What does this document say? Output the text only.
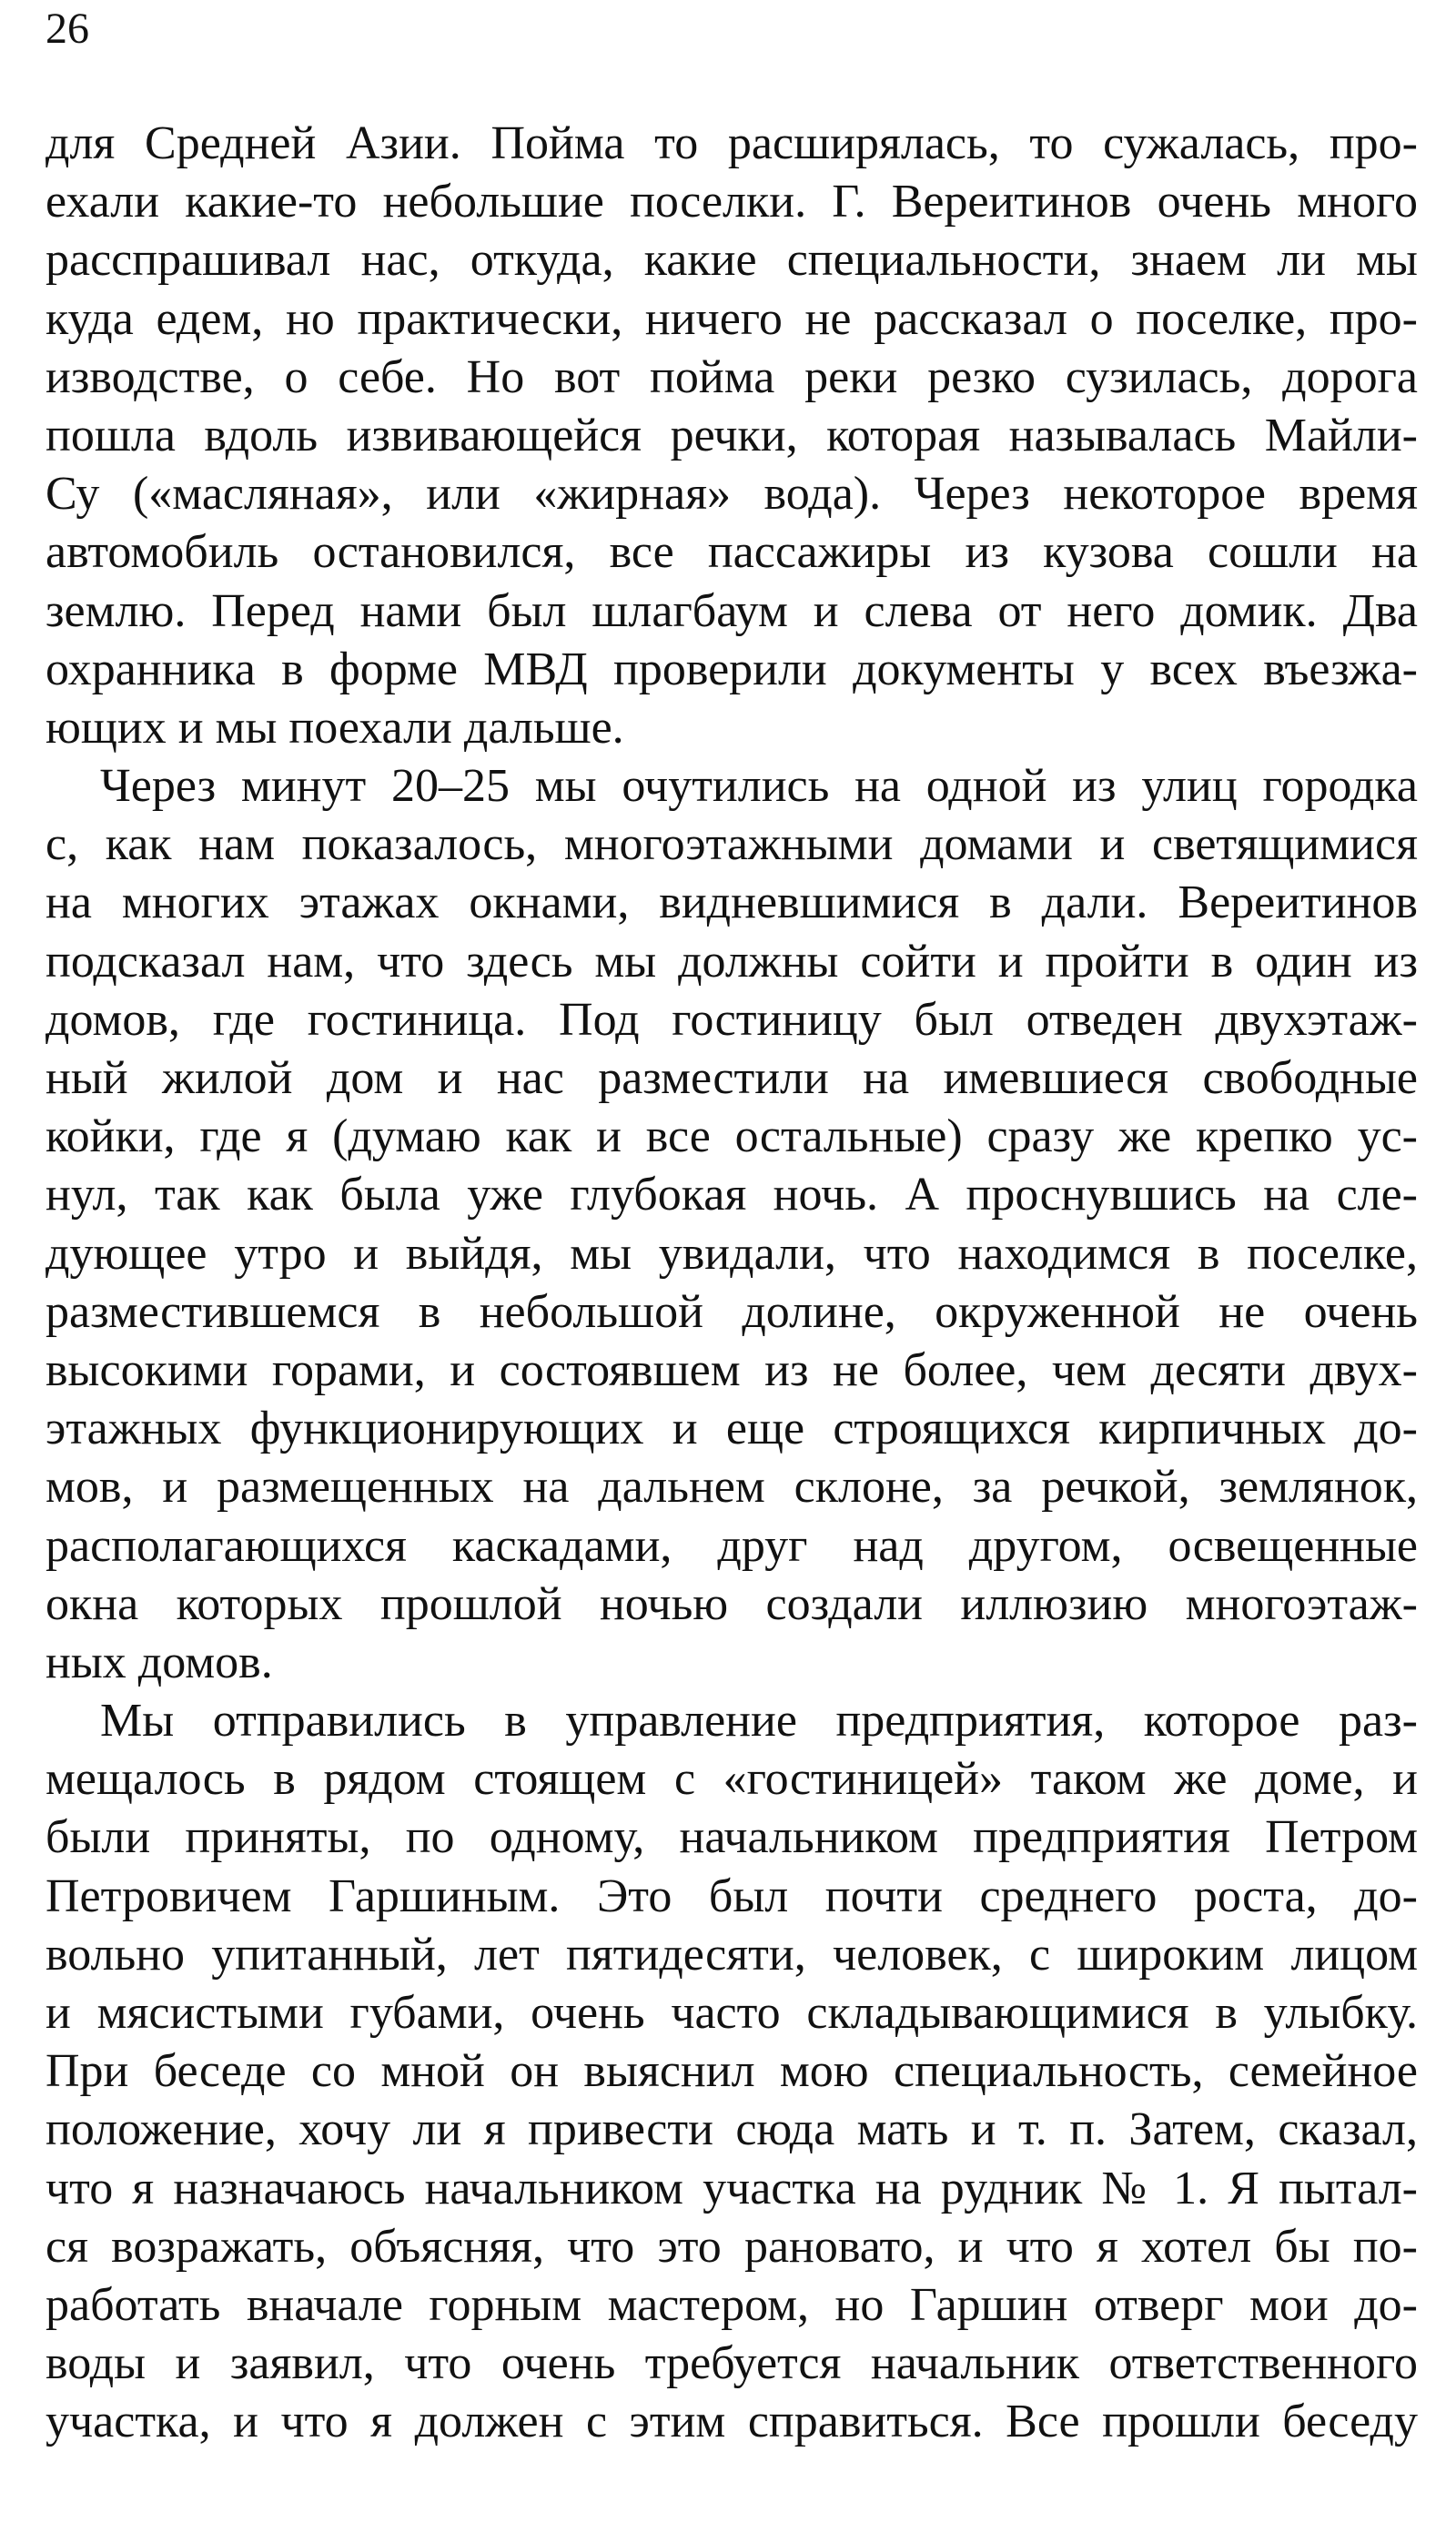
26
для Средней Азии. Пойма то расширялась, то сужалась, про-
ехали какие-то небольшие поселки. Г. Вереитинов очень много
расспрашивал нас, откуда, какие специальности, знаем ли мы
куда едем, но практически, ничего не рассказал о поселке, про-
изводстве, о себе. Но вот пойма реки резко сузилась, дорога
пошла вдоль извивающейся речки, которая называлась Майли-
Су («масляная», или «жирная» вода). Через некоторое время
автомобиль остановился, все пассажиры из кузова сошли на
землю. Перед нами был шлагбаум и слева от него домик. Два
охранника в форме МВД проверили документы у всех въезжа-
ющих и мы поехали дальше.
Через минут 20–25 мы очутились на одной из улиц городка
с, как нам показалось, многоэтажными домами и светящимися
на многих этажах окнами, видневшимися в дали. Вереитинов
подсказал нам, что здесь мы должны сойти и пройти в один из
домов, где гостиница. Под гостиницу был отведен двухэтаж-
ный жилой дом и нас разместили на имевшиеся свободные
койки, где я (думаю как и все остальные) сразу же крепко ус-
нул, так как была уже глубокая ночь. А проснувшись на сле-
дующее утро и выйдя, мы увидали, что находимся в поселке,
разместившемся в небольшой долине, окруженной не очень
высокими горами, и состоявшем из не более, чем десяти двух-
этажных функционирующих и еще строящихся кирпичных до-
мов, и размещенных на дальнем склоне, за речкой, землянок,
располагающихся каскадами, друг над другом, освещенные
окна которых прошлой ночью создали иллюзию многоэтаж-
ных домов.
Мы отправились в управление предприятия, которое раз-
мещалось в рядом стоящем с «гостиницей» таком же доме, и
были приняты, по одному, начальником предприятия Петром
Петровичем Гаршиным. Это был почти среднего роста, до-
вольно упитанный, лет пятидесяти, человек, с широким лицом
и мясистыми губами, очень часто складывающимися в улыбку.
При беседе со мной он выяснил мою специальность, семейное
положение, хочу ли я привести сюда мать и т. п. Затем, сказал,
что я назначаюсь начальником участка на рудник № 1. Я пытал-
ся возражать, объясняя, что это рановато, и что я хотел бы по-
работать вначале горным мастером, но Гаршин отверг мои до-
воды и заявил, что очень требуется начальник ответственного
участка, и что я должен с этим справиться. Все прошли беседу
